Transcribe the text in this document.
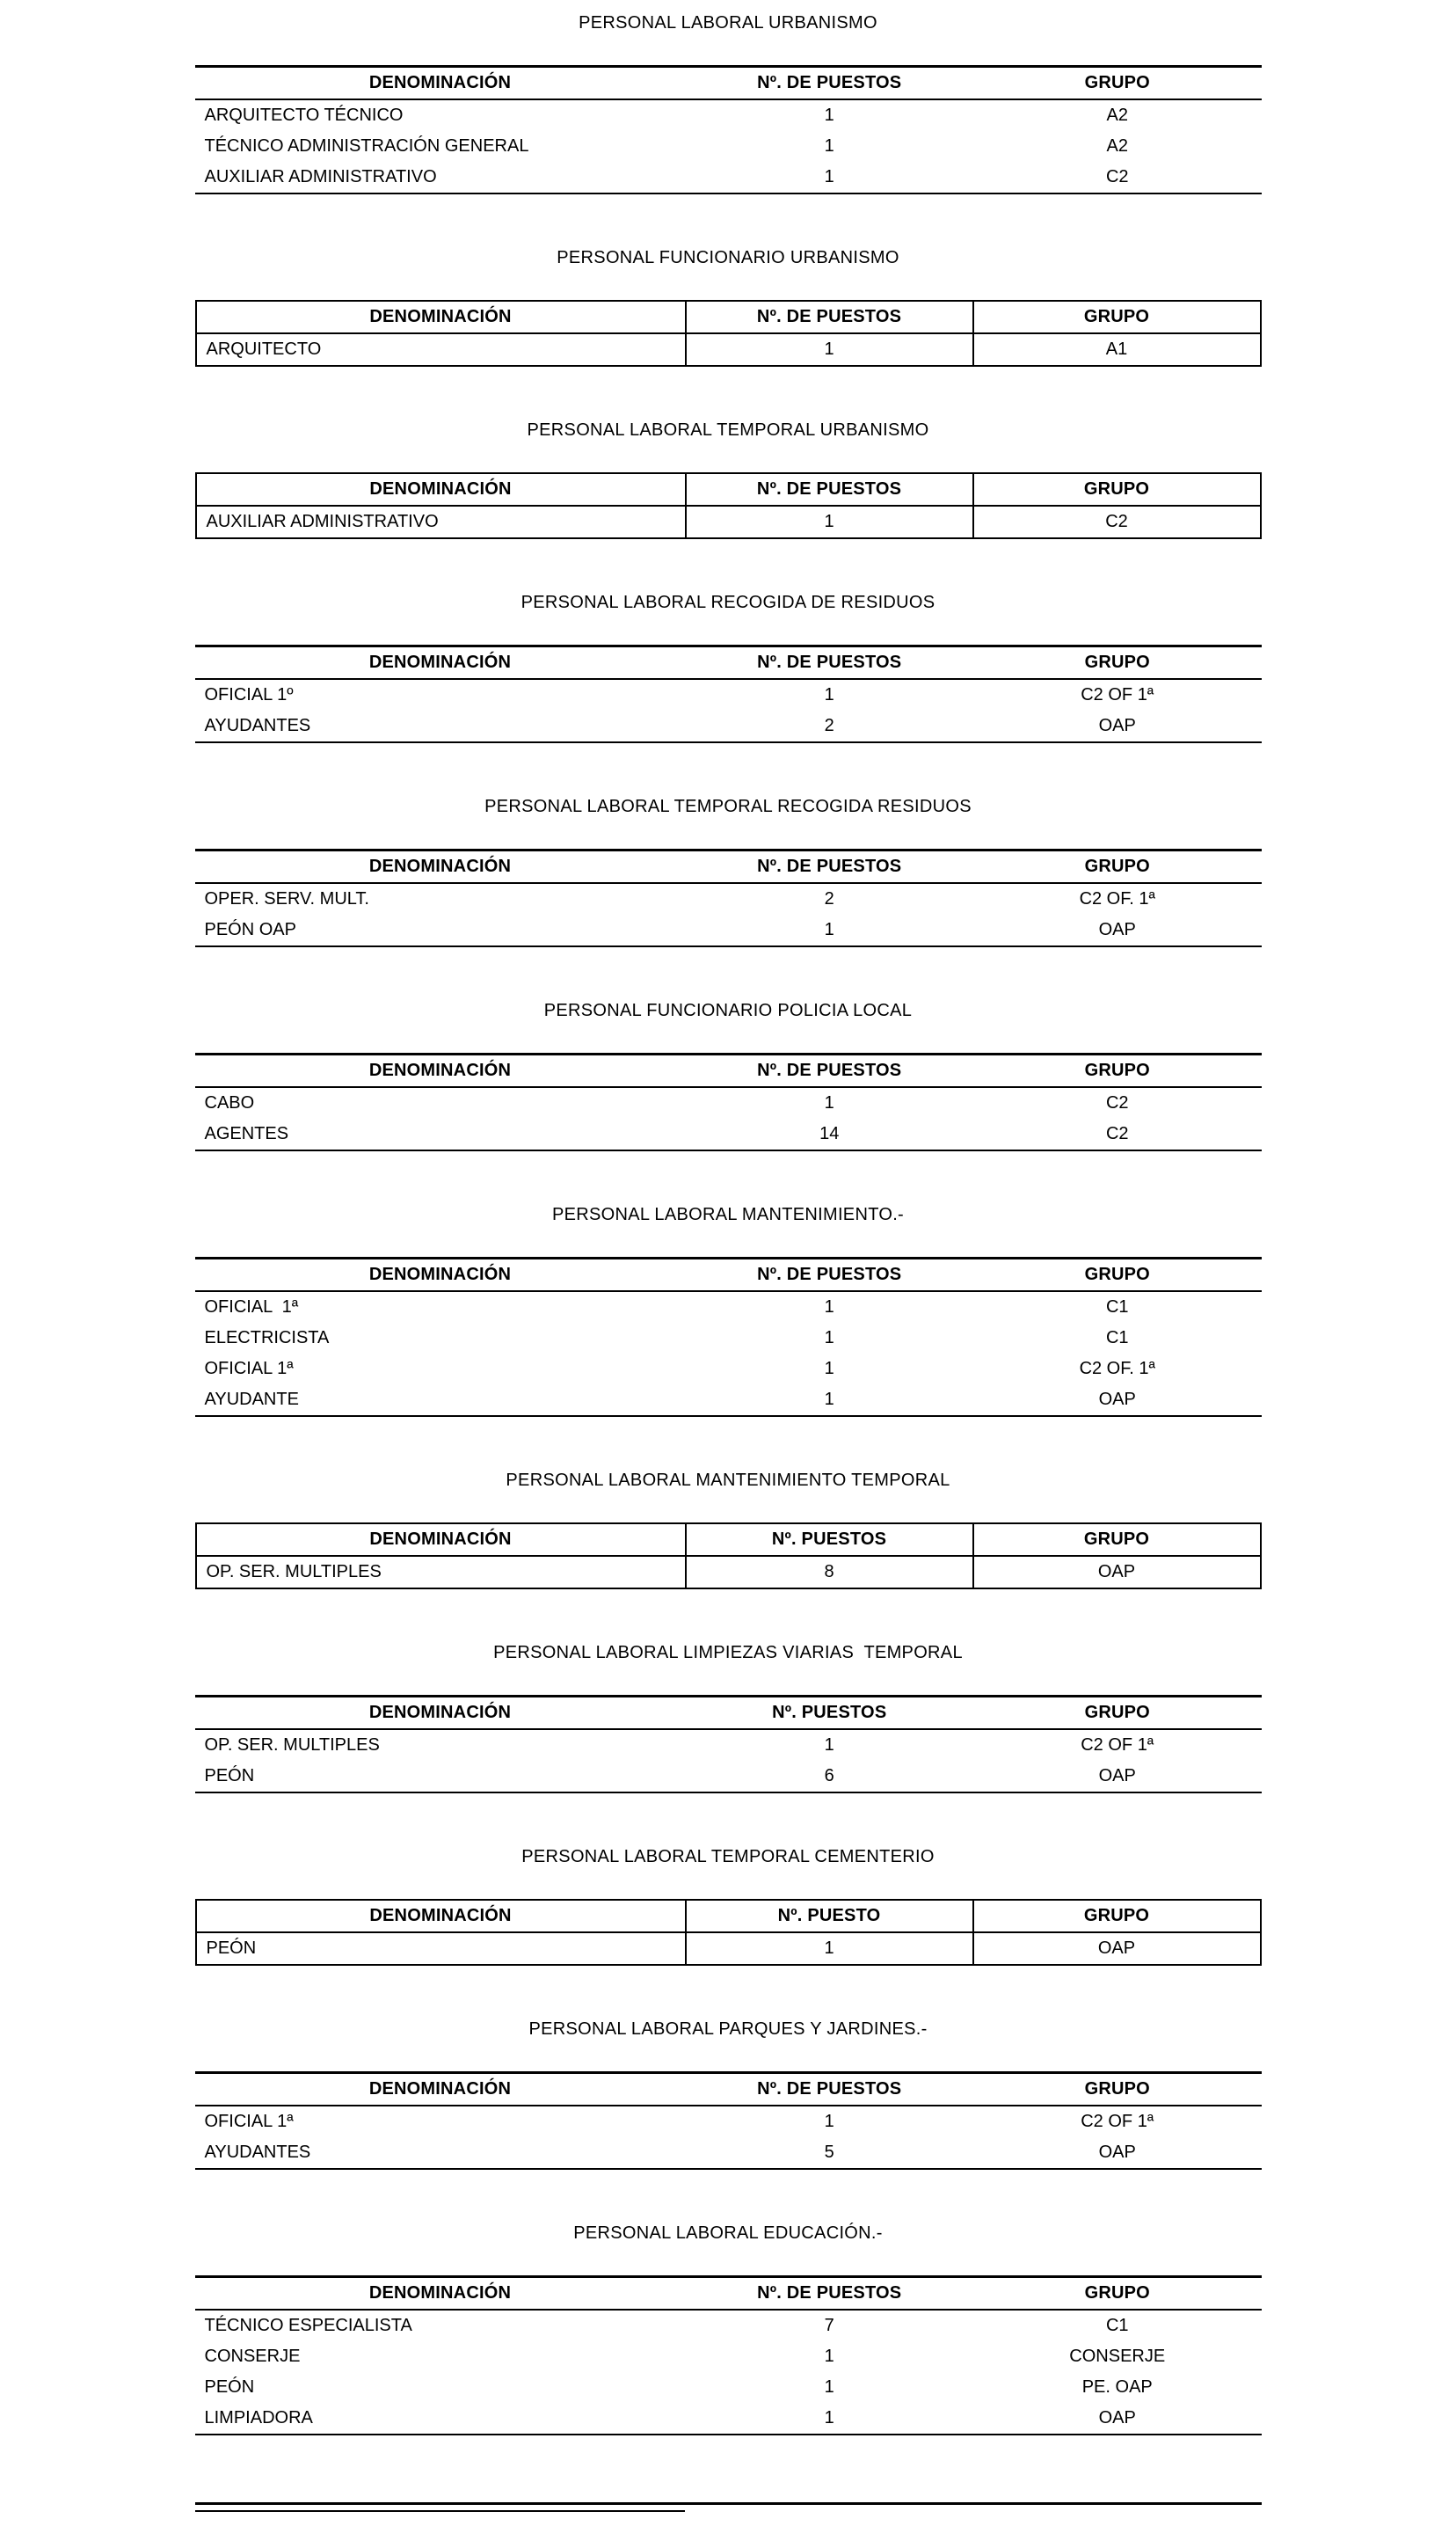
PERSONAL LABORAL URBANISMO
DENOMINACIÓN	Nº. DE PUESTOS	GRUPO
ARQUITECTO TÉCNICO	1	A2
TÉCNICO ADMINISTRACIÓN GENERAL	1	A2
AUXILIAR ADMINISTRATIVO	1	C2
PERSONAL FUNCIONARIO URBANISMO
DENOMINACIÓN	Nº. DE PUESTOS	GRUPO
ARQUITECTO	1	A1
PERSONAL LABORAL TEMPORAL URBANISMO
DENOMINACIÓN	Nº. DE PUESTOS	GRUPO
AUXILIAR ADMINISTRATIVO	1	C2
PERSONAL LABORAL RECOGIDA DE RESIDUOS
DENOMINACIÓN	Nº. DE PUESTOS	GRUPO
OFICIAL 1º	1	C2 OF 1ª
AYUDANTES	2	OAP
PERSONAL LABORAL TEMPORAL RECOGIDA RESIDUOS
DENOMINACIÓN	Nº. DE PUESTOS	GRUPO
OPER. SERV. MULT.	2	C2 OF. 1ª
PEÓN OAP	1	OAP
PERSONAL FUNCIONARIO POLICIA LOCAL
DENOMINACIÓN	Nº. DE PUESTOS	GRUPO
CABO	1	C2
AGENTES	14	C2
PERSONAL LABORAL MANTENIMIENTO.-
DENOMINACIÓN	Nº. DE PUESTOS	GRUPO
OFICIAL  1ª	1	C1
ELECTRICISTA	1	C1
OFICIAL 1ª	1	C2 OF. 1ª
AYUDANTE	1	OAP
PERSONAL LABORAL MANTENIMIENTO TEMPORAL
DENOMINACIÓN	Nº. PUESTOS	GRUPO
OP. SER. MULTIPLES	8	OAP
PERSONAL LABORAL LIMPIEZAS VIARIAS  TEMPORAL
DENOMINACIÓN	Nº. PUESTOS	GRUPO
OP. SER. MULTIPLES	1	C2 OF 1ª
PEÓN	6	OAP
PERSONAL LABORAL TEMPORAL CEMENTERIO
DENOMINACIÓN	Nº. PUESTO	GRUPO
PEÓN	1	OAP
PERSONAL LABORAL PARQUES Y JARDINES.-
DENOMINACIÓN	Nº. DE PUESTOS	GRUPO
OFICIAL 1ª	1	C2 OF 1ª
AYUDANTES	5	OAP
PERSONAL LABORAL EDUCACIÓN.-
DENOMINACIÓN	Nº. DE PUESTOS	GRUPO
TÉCNICO ESPECIALISTA	7	C1
CONSERJE	1	CONSERJE
PEÓN	1	PE. OAP
LIMPIADORA	1	OAP
